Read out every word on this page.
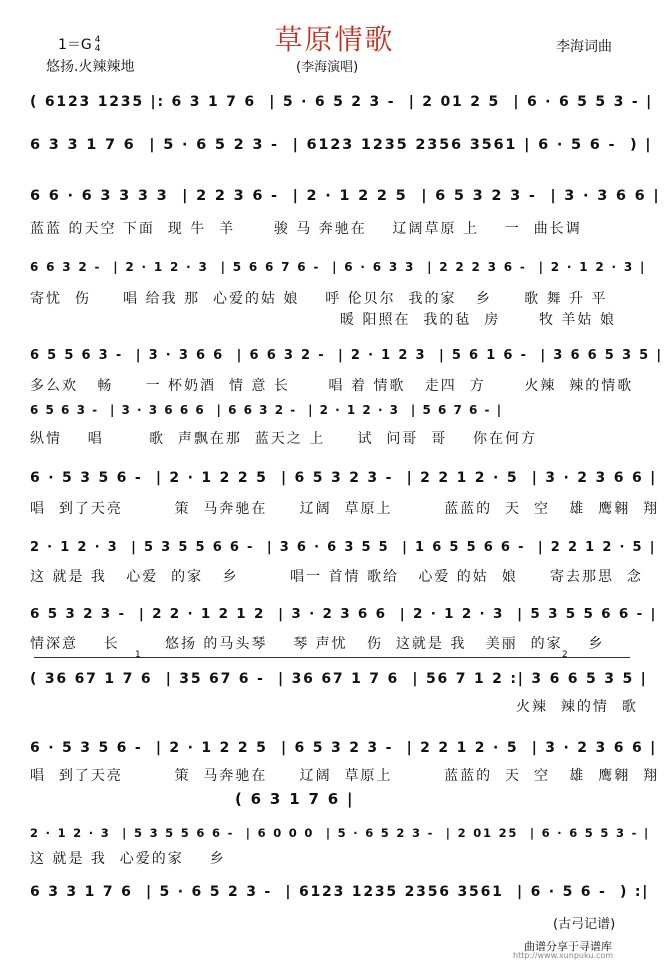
草原情歌
1＝G 4
4
悠扬.火辣辣地
李海词曲
(李海演唱)
( 6123 1235 |: 6 3 1 7 6  | 5 · 6 5 2 3 -  | 2 01 2 5  | 6 · 6 5 5 3 - |
6 3 3 1 7 6  | 5 · 6 5 2 3 -  | 6123 1235 2356 3561 | 6 · 5 6 -  ) |
6 6 · 6 3 3 3 3  | 2 2 3 6 -  | 2 · 1 2 2 5  | 6 5 3 2 3 -  | 3 · 3 6 6 |
6 6 3 2 -  | 2 · 1 2 · 3  | 5 6 6 7 6 -  | 6 · 6 3 3  | 2 2 2 3 6 -  | 2 · 1 2 · 3 |
6 5 5 6 3 -  | 3 · 3 6 6  | 6 6 3 2 -  | 2 · 1 2 3  | 5 6 1 6 -  | 3 6 6 5 3 5 |
6 5 6 3 -  | 3 · 3 6 6 6  | 6 6 3 2 -  | 2 · 1 2 · 3  | 5 6 7 6 - |
6 · 5 3 5 6 -  | 2 · 1 2 2 5  | 6 5 3 2 3 -  | 2 2 1 2 · 5  | 3 · 2 3 6 6 |
2 · 1 2 · 3  | 5 3 5 5 6 6 -  | 3 6 · 6 3 5 5  | 1 6 5 5 6 6 -  | 2 2 1 2 · 5 |
6 5 3 2 3 -  | 2 2 · 1 2 1 2  | 3 · 2 3 6 6  | 2 · 1 2 · 3  | 5 3 5 5 6 6 - |
( 36 67 1 7 6  | 35 67 6 -  | 36 67 1 7 6  | 56 7 1 2 :| 3 6 6 5 3 5 |
6 · 5 3 5 6 -  | 2 · 1 2 2 5  | 6 5 3 2 3 -  | 2 2 1 2 · 5  | 3 · 2 3 6 6 |
( 6 3 1 7 6 |
2 · 1 2 · 3  | 5 3 5 5 6 6 -  | 6 0 0 0  | 5 · 6 5 2 3 -  | 2 01 25  | 6 · 6 5 5 3 - |
6 3 3 1 7 6  | 5 · 6 5 2 3 -  | 6123 1235 2356 3561  | 6 · 5 6 -  ) :|
蓝蓝 的天空 下面  现 牛  羊      骏 马 奔驰在    辽阔草原 上    一  曲长调
寄忧  伤     唱 给我 那  心爱的姑 娘    呼 伦贝尔  我的家   乡     歌 舞 升 平
暖 阳照在  我的毡  房      牧 羊姑 娘
多么欢   畅     一 杯奶酒  情 意 长      唱 着 情歌   走四  方      火辣  辣的情歌
纵情    唱       歌  声飘在那  蓝天之 上     试  问哥  哥    你在何方
唱  到了天亮        策  马奔驰在     辽阔  草原上        蓝蓝的  天  空   雄  鹰翱  翔
这 就是 我   心爱  的家   乡        唱一 首情 歌给   心爱 的姑  娘     寄去那思  念
情深意    长       悠扬 的马头琴    琴 声忧   伤  这就是 我   美丽  的家    乡
火辣  辣的情  歌
唱  到了天亮        策  马奔驰在     辽阔  草原上        蓝蓝的  天  空   雄  鹰翱  翔
这 就是 我  心爱的家    乡
1	2
(古弓记谱)
曲谱分享于寻谱库
http://www.xunpuku.com
